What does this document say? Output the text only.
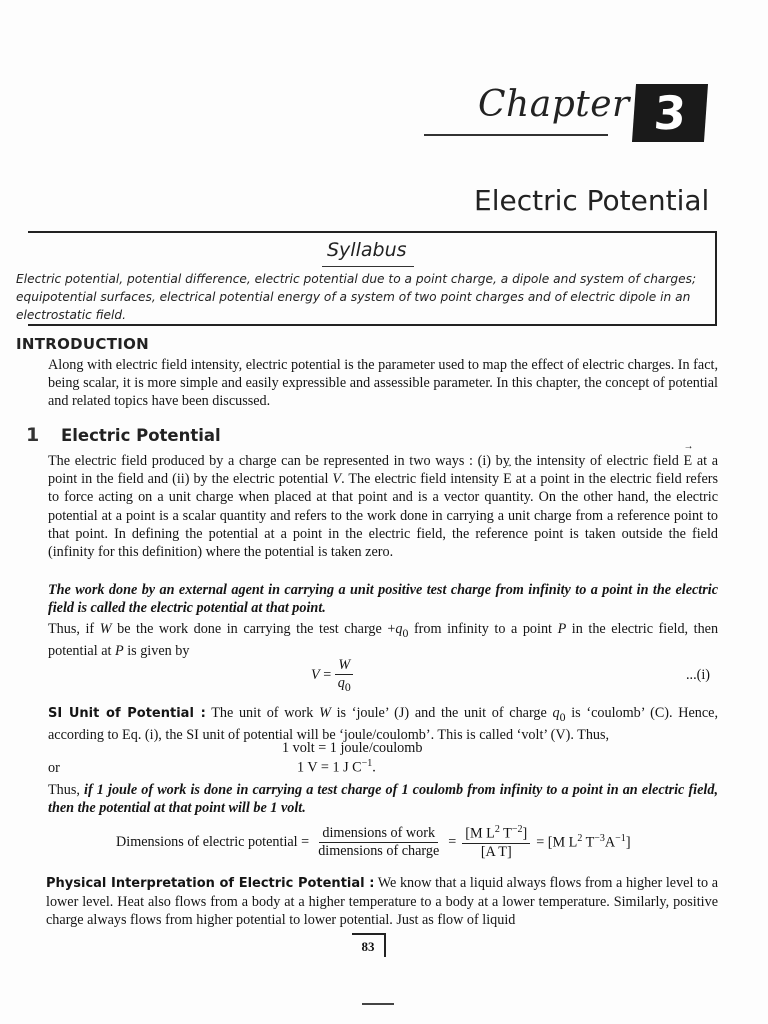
Chapter 3
Electric Potential
Syllabus
Electric potential, potential difference, electric potential due to a point charge, a dipole and system of charges;
equipotential surfaces, electrical potential energy of a system of two point charges and of electric dipole in an
electrostatic field.
INTRODUCTION
Along with electric field intensity, electric potential is the parameter used to map the effect of electric charges. In fact, being scalar, it is more simple and easily expressible and assessible parameter. In this chapter, the concept of potential and related topics have been discussed.
1 Electric Potential
The electric field produced by a charge can be represented in two ways : (i) by the intensity of electric field → E at a point in the field and (ii) by the electric potential V. The electric field intensity → E at a point in the electric field refers to force acting on a unit charge when placed at that point and is a vector quantity. On the other hand, the electric potential at a point is a scalar quantity and refers to the work done in carrying a unit charge from a reference point to that point. In defining the potential at a point in the electric field, the reference point is taken outside the field (infinity for this definition) where the potential is taken zero.
The work done by an external agent in carrying a unit positive test charge from infinity to a point in the electric field is called the electric potential at that point.
Thus, if W be the work done in carrying the test charge $+q_0$ from infinity to a point P in the electric field, then potential at P is given by
$V = \frac{W}{q_0}$	...(i)
SI Unit of Potential : The unit of work W is ‘joule’ (J) and the unit of charge $q_0$ is ‘coulomb’ (C). Hence, according to Eq. (i), the SI unit of potential will be ‘joule/coulomb’. This is called ‘volt’ (V). Thus,
1 volt = 1 joule/coulomb
or	1 V = 1 J $C^{-1}$.
Thus, if 1 joule of work is done in carrying a test charge of 1 coulomb from infinity to a point in an electric field, then the potential at that point will be 1 volt.
Dimensions of electric potential = $\frac{\text{dimensions of work}}{\text{dimensions of charge}} = \frac{[M L^2 T^{-2}]}{\text{[A T]}} = [M$ $L^2$ $T^{-3}A^{-1}$]
Physical Interpretation of Electric Potential : We know that a liquid always flows from a higher level to a lower level. Heat also flows from a body at a higher temperature to a body at a lower temperature. Similarly, positive charge always flows from higher potential to lower potential. Just as flow of liquid
83
